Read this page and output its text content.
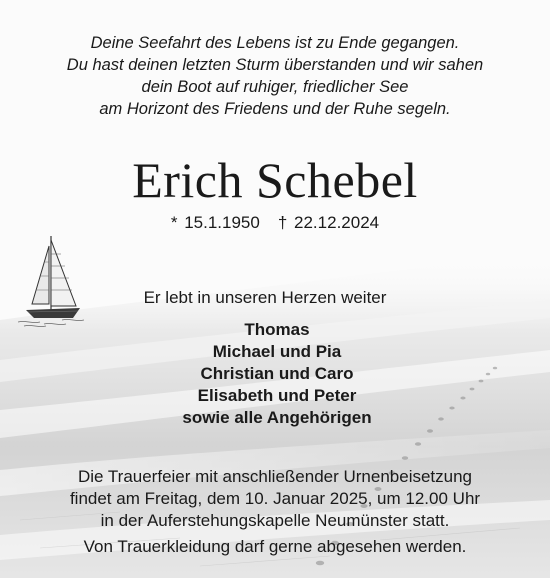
Deine Seefahrt des Lebens ist zu Ende gegangen.
Du hast deinen letzten Sturm überstanden und wir sahen
dein Boot auf ruhiger, friedlicher See
am Horizont des Friedens und der Ruhe segeln.
Erich Schebel
* 15.1.1950 † 22.12.2024
Er lebt in unseren Herzen weiter
Thomas
Michael und Pia
Christian und Caro
Elisabeth und Peter
sowie alle Angehörigen
Die Trauerfeier mit anschließender Urnenbeisetzung
findet am Freitag, dem 10. Januar 2025, um 12.00 Uhr
in der Auferstehungskapelle Neumünster statt.
Von Trauerkleidung darf gerne abgesehen werden.
